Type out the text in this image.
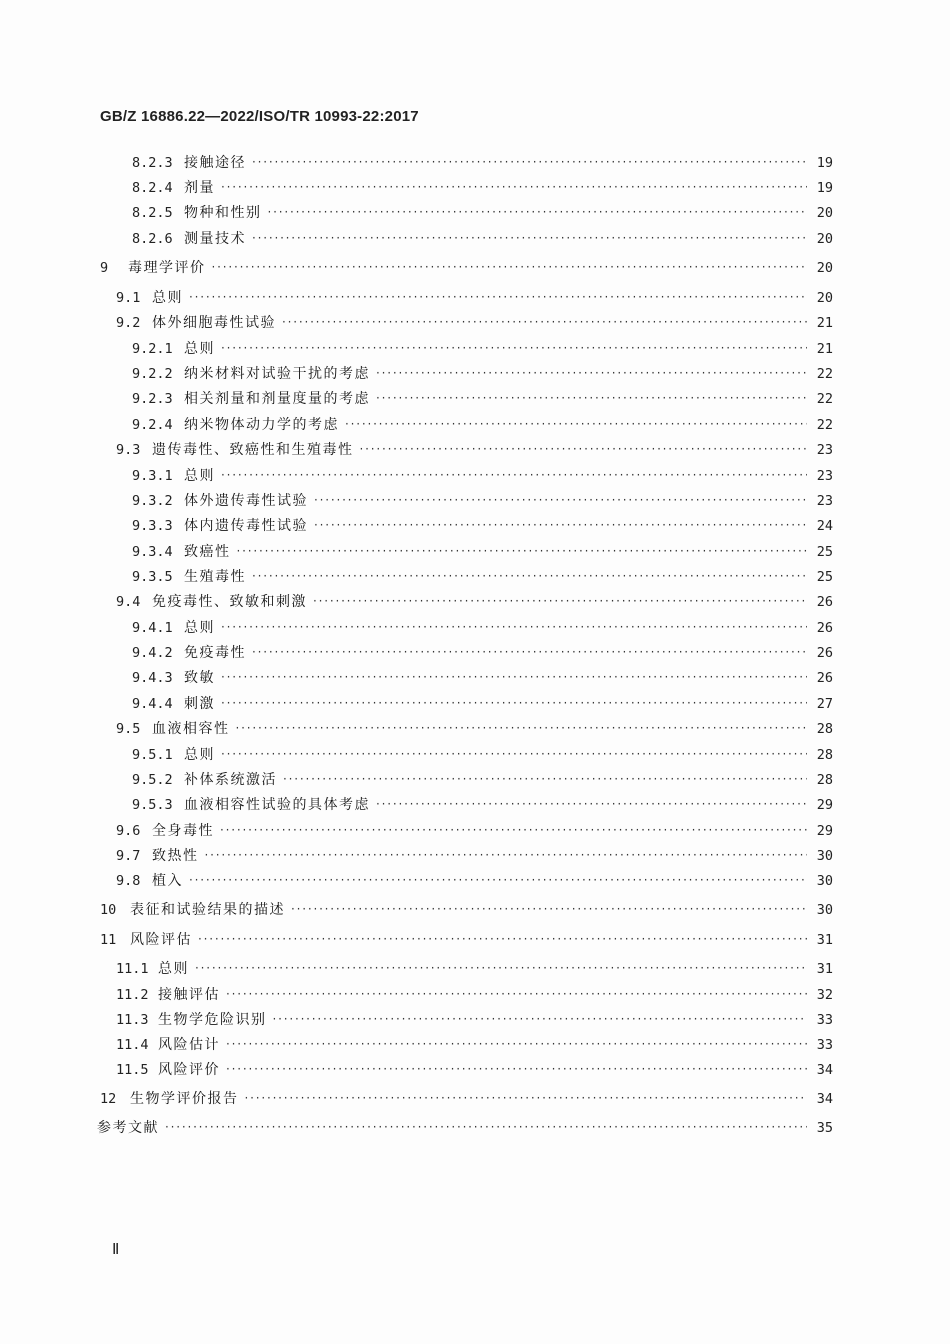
GB/Z 16886.22—2022/ISO/TR 10993-22:2017
8.2.3 接触途径 ·····	19
8.2.4 剂量 ·····	19
8.2.5 物种和性别 ·····	20
8.2.6 测量技术 ·····	20
9	毒理学评价 ·····	20
9.1 总则 ·····	20
9.2 体外细胞毒性试验 ·····	21
9.2.1 总则 ·····	21
9.2.2 纳米材料对试验干扰的考虑 ·····	22
9.2.3 相关剂量和剂量度量的考虑 ·····	22
9.2.4 纳米物体动力学的考虑 ·····	22
9.3 遗传毒性、致癌性和生殖毒性 ·····	23
9.3.1 总则 ·····	23
9.3.2 体外遗传毒性试验 ·····	23
9.3.3 体内遗传毒性试验 ·····	24
9.3.4 致癌性 ·····	25
9.3.5 生殖毒性 ·····	25
9.4 免疫毒性、致敏和刺激 ·····	26
9.4.1 总则 ·····	26
9.4.2 免疫毒性 ·····	26
9.4.3 致敏 ·····	26
9.4.4 刺激 ·····	27
9.5 血液相容性 ·····	28
9.5.1 总则 ·····	28
9.5.2 补体系统激活 ·····	28
9.5.3 血液相容性试验的具体考虑 ·····	29
9.6 全身毒性 ·····	29
9.7 致热性 ·····	30
9.8 植入 ·····	30
10 表征和试验结果的描述 ·····	30
11 风险评估 ·····	31
11.1 总则 ·····	31
11.2 接触评估 ·····	32
11.3 生物学危险识别 ·····	33
11.4 风险估计 ·····	33
11.5 风险评价 ·····	34
12 生物学评价报告 ·····	34
参考文献 ·····	35
Ⅱ
